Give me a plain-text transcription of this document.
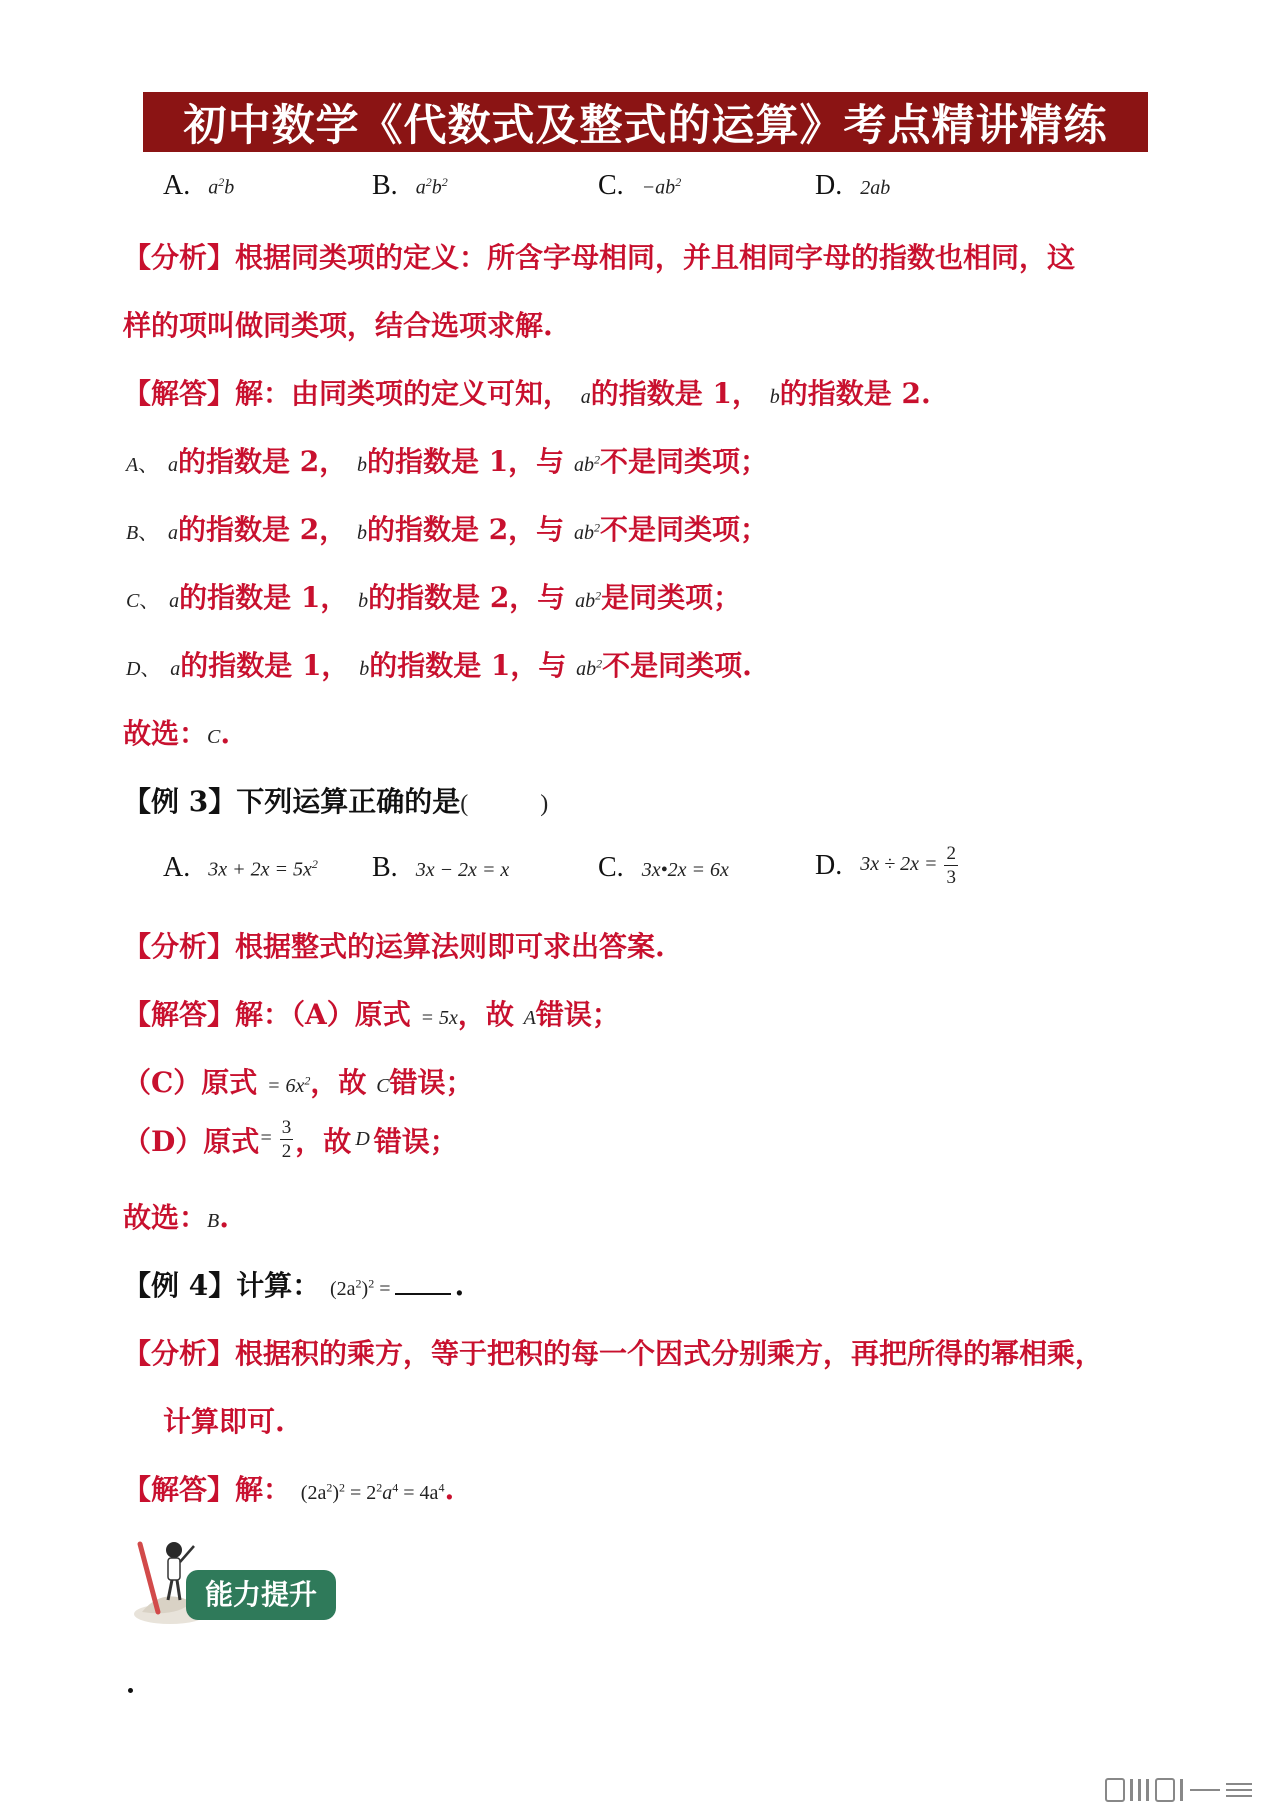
初中数学《代数式及整式的运算》考点精讲精练
A. $a^2b$	B. $a^2b^2$	C. $-ab^2$	D. 2ab
【分析】根据同类项的定义：所含字母相同，并且相同字母的指数也相同，这
样的项叫做同类项，结合选项求解.
【解答】解：由同类项的定义可知， a的指数是 1， b的指数是 2.
A、 a的指数是 2， b的指数是 1，与 $ab^2$不是同类项；
B、 a的指数是 2， b的指数是 2，与 $ab^2$不是同类项；
C、 a的指数是 1， b的指数是 2，与 $ab^2$是同类项；
D、 a的指数是 1， b的指数是 1，与 $ab^2$不是同类项.
故选：C.
【例 3】下列运算正确的是(　　　)
A. $3x + 2x = 5x^2$ B. 3x − 2x = x	C. 3x•2x = 6x	D. $3x \div 2x = \frac{2}{3}$
【分析】根据整式的运算法则即可求出答案.
【解答】解：（A）原式 = 5x，故 A错误；
（C）原式 = $6x^2$，故 C错误；
（D）原式 = $\frac{3}{2}$ ，故 D 错误；
故选：B.
【例 4】计算： $(2a^2)^2$ = .
【分析】根据积的乘方，等于把积的每一个因式分别乘方，再把所得的幂相乘，
计算即可.
【解答】解： $(2a^2)^2 = 2^2a^4 = 4a^4$.
能力提升
